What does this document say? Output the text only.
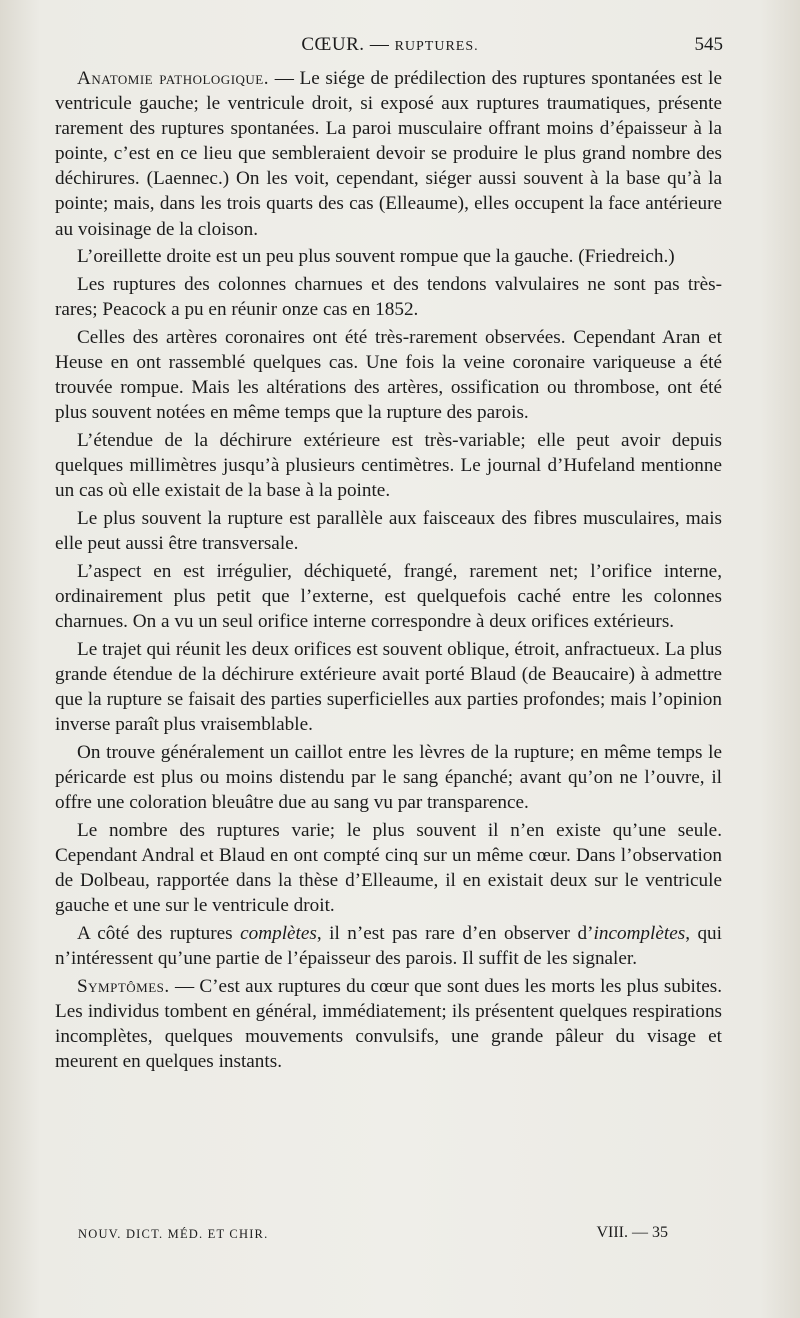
CŒUR. — RUPTURES.	545

Anatomie pathologique. — Le siége de prédilection des ruptures spontanées est le ventricule gauche; le ventricule droit, si exposé aux ruptures traumatiques, présente rarement des ruptures spontanées. La paroi musculaire offrant moins d’épaisseur à la pointe, c’est en ce lieu que sembleraient devoir se produire le plus grand nombre des déchirures. (Laennec.) On les voit, cependant, siéger aussi souvent à la base qu’à la pointe; mais, dans les trois quarts des cas (Elleaume), elles occupent la face antérieure au voisinage de la cloison.

L’oreillette droite est un peu plus souvent rompue que la gauche. (Friedreich.)

Les ruptures des colonnes charnues et des tendons valvulaires ne sont pas très-rares; Peacock a pu en réunir onze cas en 1852.

Celles des artères coronaires ont été très-rarement observées. Cependant Aran et Heuse en ont rassemblé quelques cas. Une fois la veine coronaire variqueuse a été trouvée rompue. Mais les altérations des artères, ossification ou thrombose, ont été plus souvent notées en même temps que la rupture des parois.

L’étendue de la déchirure extérieure est très-variable; elle peut avoir depuis quelques millimètres jusqu’à plusieurs centimètres. Le journal d’Hufeland mentionne un cas où elle existait de la base à la pointe.

Le plus souvent la rupture est parallèle aux faisceaux des fibres musculaires, mais elle peut aussi être transversale.

L’aspect en est irrégulier, déchiqueté, frangé, rarement net; l’orifice interne, ordinairement plus petit que l’externe, est quelquefois caché entre les colonnes charnues. On a vu un seul orifice interne correspondre à deux orifices extérieurs.

Le trajet qui réunit les deux orifices est souvent oblique, étroit, anfractueux. La plus grande étendue de la déchirure extérieure avait porté Blaud (de Beaucaire) à admettre que la rupture se faisait des parties superficielles aux parties profondes; mais l’opinion inverse paraît plus vraisemblable.

On trouve généralement un caillot entre les lèvres de la rupture; en même temps le péricarde est plus ou moins distendu par le sang épanché; avant qu’on ne l’ouvre, il offre une coloration bleuâtre due au sang vu par transparence.

Le nombre des ruptures varie; le plus souvent il n’en existe qu’une seule. Cependant Andral et Blaud en ont compté cinq sur un même cœur. Dans l’observation de Dolbeau, rapportée dans la thèse d’Elleaume, il en existait deux sur le ventricule gauche et une sur le ventricule droit.

A côté des ruptures complètes, il n’est pas rare d’en observer d’incomplètes, qui n’intéressent qu’une partie de l’épaisseur des parois. Il suffit de les signaler.

Symptômes. — C’est aux ruptures du cœur que sont dues les morts les plus subites. Les individus tombent en général, immédiatement; ils présentent quelques respirations incomplètes, quelques mouvements convulsifs, une grande pâleur du visage et meurent en quelques instants.

NOUV. DICT. MÉD. ET CHIR.	VIII. — 35
